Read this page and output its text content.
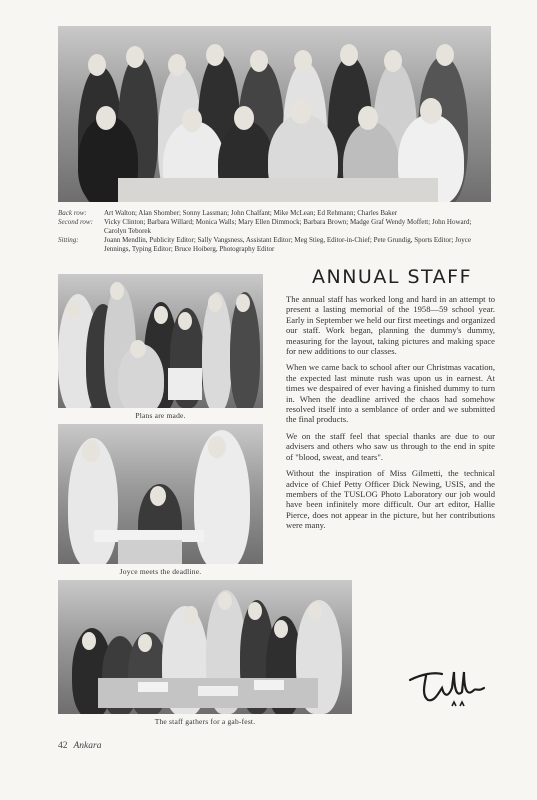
Back row:	Art Walton; Alan Shomber; Sonny Lassman; John Chalfant; Mike McLean; Ed Rehmann; Charles Baker
Second row:	Vicky Clinton; Barbara Willard; Monica Walls; Mary Ellen Dimmock; Barbara Brown; Madge Graf Wendy Moffett; John Howard; Carolyn Teborek
Sitting:	Joann Mendlin, Publicity Editor; Sally Vangsness, Assistant Editor; Meg Stieg, Editor-in-Chief; Pete Grundig, Sports Editor; Joyce Jennings, Typing Editor; Bruce Hoiberg, Photography Editor
Plans are made.
Joyce meets the deadline.
The staff gathers for a gab-fest.
ANNUAL STAFF

The annual staff has worked long and hard in an attempt to present a lasting memorial of the 1958—59 school year. Early in September we held our first meetings and organized our staff. Work began, planning the dummy's dummy, measuring for the layout, taking pictures and making space for new additions to our classes.

When we came back to school after our Christmas vacation, the expected last minute rush was upon us in earnest. At times we despaired of ever having a finished dummy to turn in. When the deadline arrived the chaos had somehow resolved itself into a semblance of order and we submitted the final products.

We on the staff feel that special thanks are due to our advisers and others who saw us through to the end in spite of "blood, sweat, and tears".

Without the inspiration of Miss Gilmetti, the technical advice of Chief Petty Officer Dick Newing, USIS, and the members of the TUSLOG Photo Laboratory our job would have been infinitely more difficult. Our art editor, Hallie Pierce, does not appear in the picture, but her contributions were many.

42 Ankara
